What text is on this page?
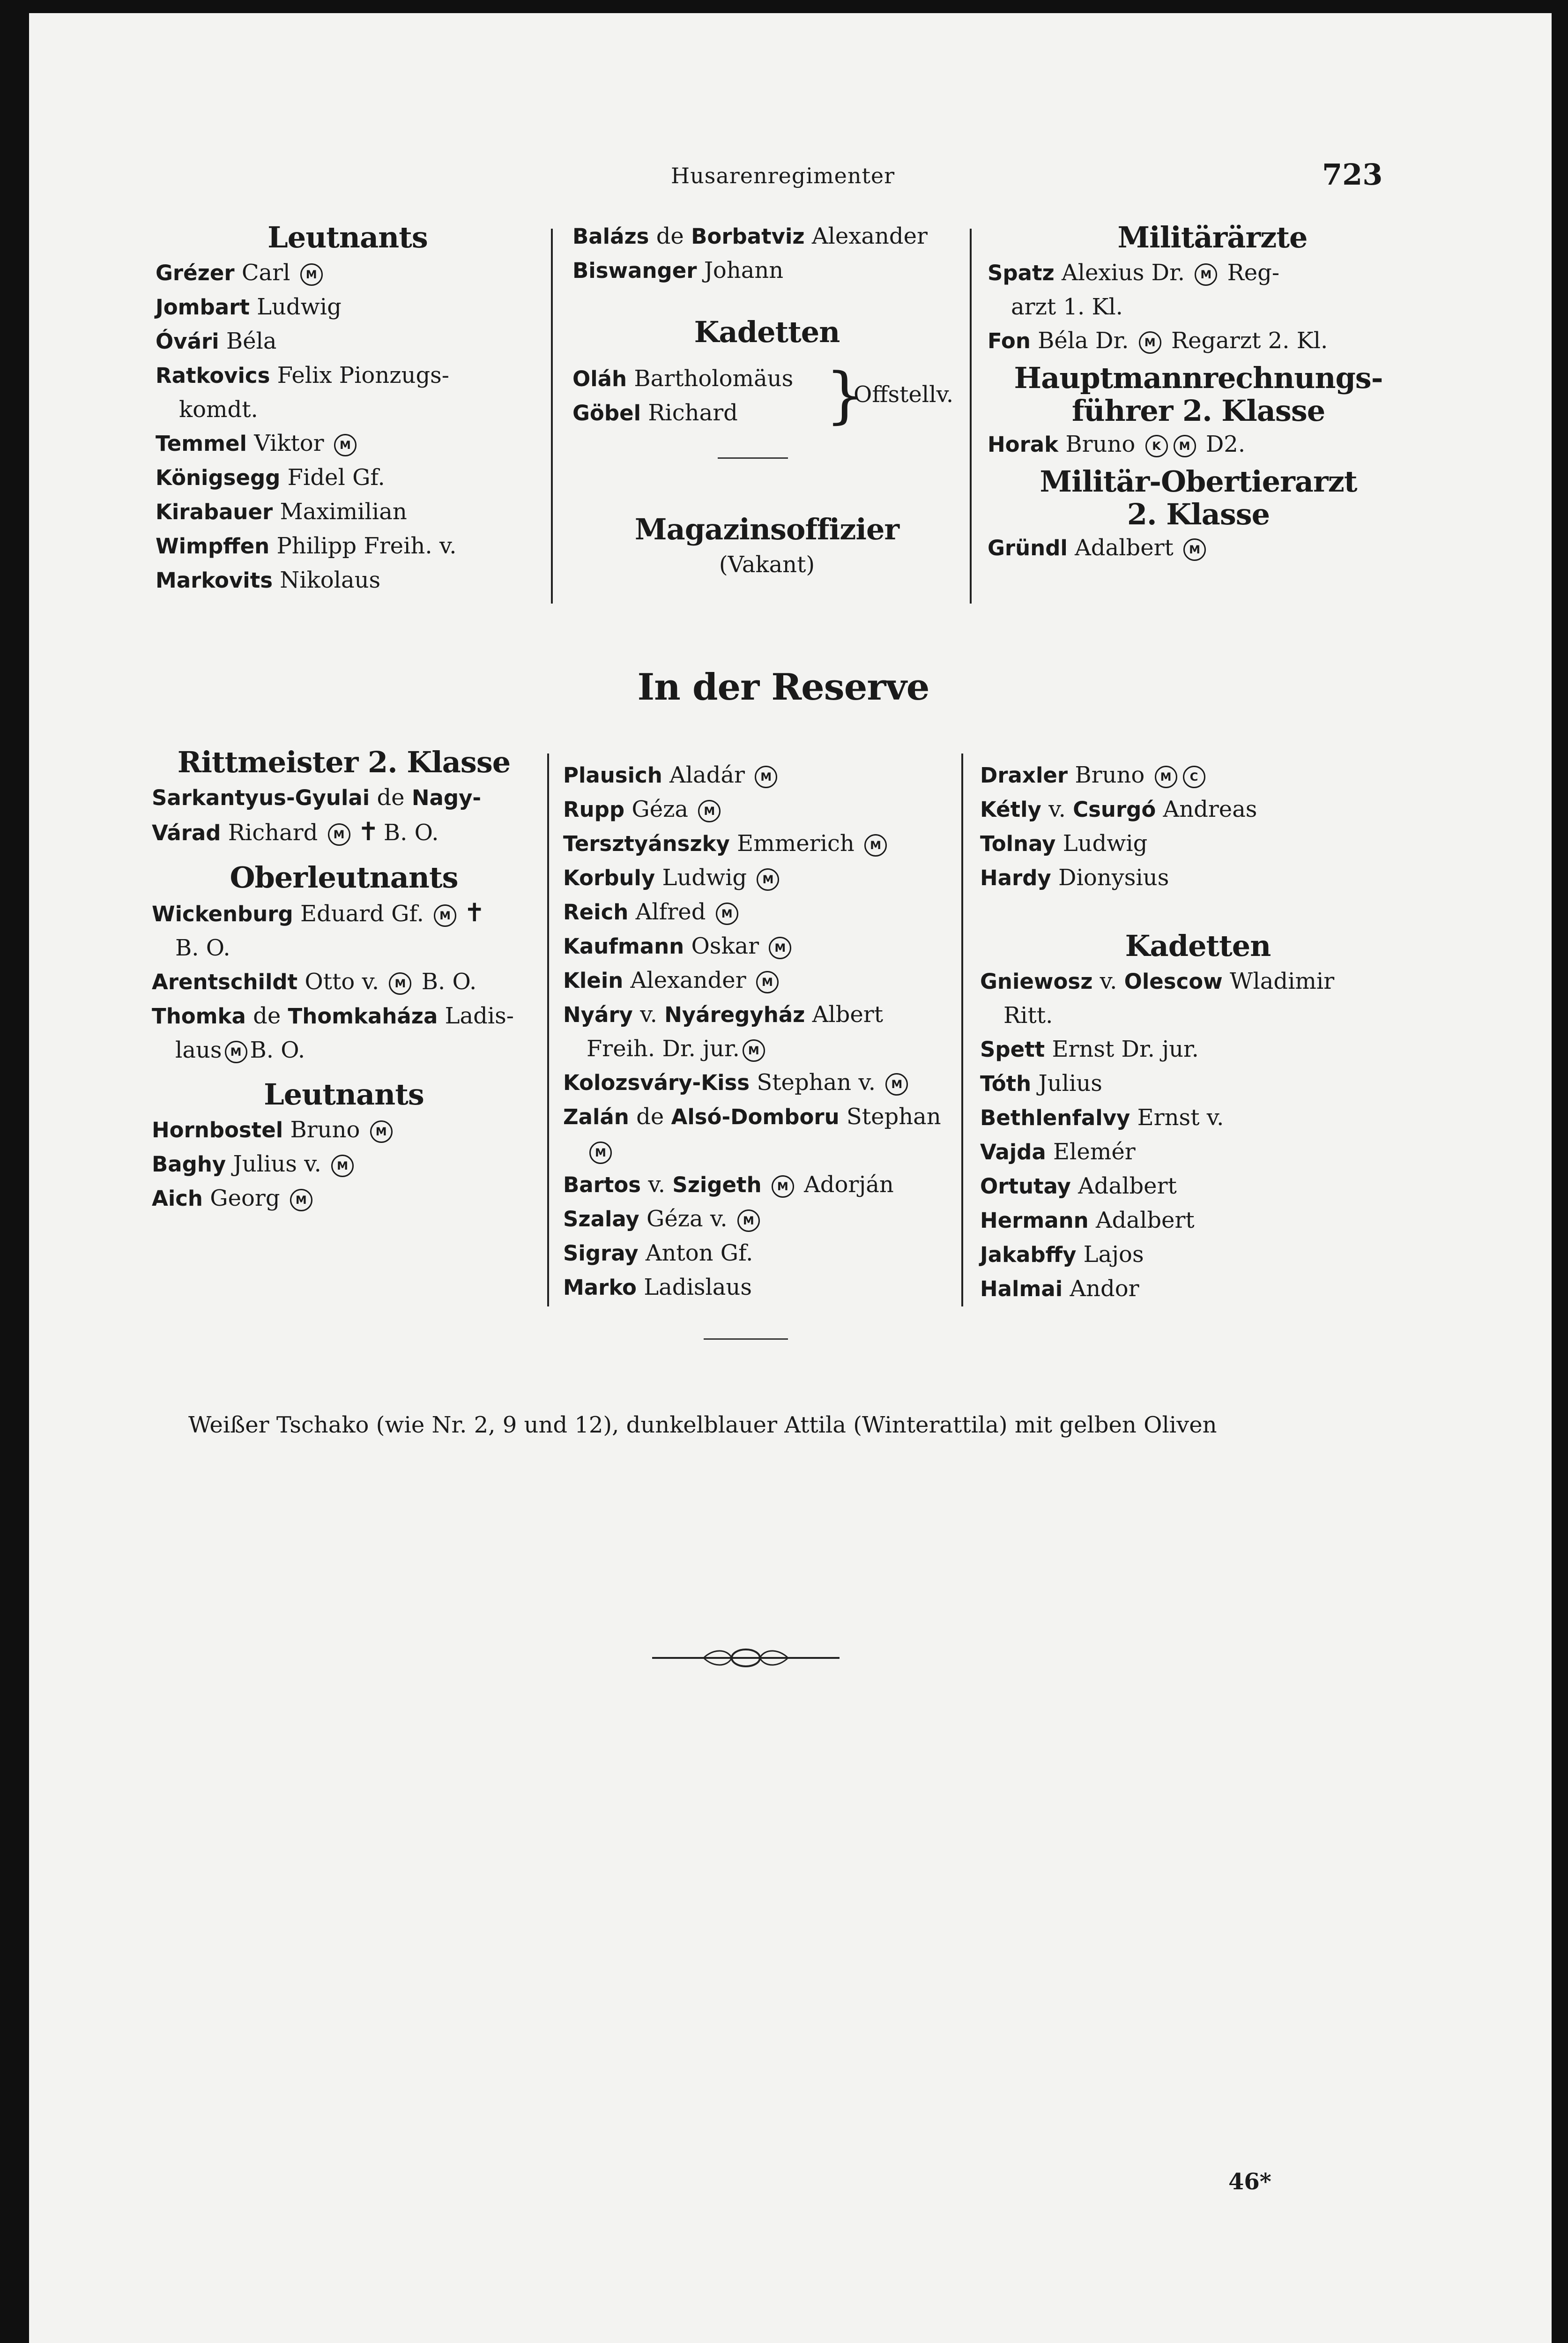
Husarenregimenter	723
Leutnants
Grézer Carl M
Jombart Ludwig
Óvári Béla
Ratkovics Felix Pionzugs-
komdt.
Temmel Viktor M
Königsegg Fidel Gf.
Kirabauer Maximilian
Wimpffen Philipp Freih. v.
Markovits Nikolaus
Balázs de Borbatviz Alexander
Biswanger Johann
Kadetten
Oláh Bartholomäus
Göbel Richard	}
Offstellv.
Magazinsoffizier
(Vakant)
Militärärzte
Spatz Alexius Dr. M Reg-
arzt 1. Kl.
Fon Béla Dr. M Regarzt 2. Kl.
Hauptmannrechnungs-
führer 2. Klasse
Horak Bruno K M D2.
Militär-Obertierarzt
2. Klasse
Gründl Adalbert M
In der Reserve
Rittmeister 2. Klasse
Sarkantyus-Gyulai de Nagy-
Várad Richard M ✝ B. O.
Oberleutnants
Wickenburg Eduard Gf. M ✝
B. O.
Arentschildt Otto v. M B. O.
Thomka de Thomkaháza Ladis-
laus M B. O.
Leutnants
Hornbostel Bruno M
Baghy Julius v. M
Aich Georg M
Plausich Aladár M
Rupp Géza M
Tersztyánszky Emmerich M
Korbuly Ludwig M
Reich Alfred M
Kaufmann Oskar M
Klein Alexander M
Nyáry v. Nyáregyház Albert
Freih. Dr. jur. M
Kolozsváry-Kiss Stephan v. M
Zalán de Alsó-Domboru Stephan
M
Bartos v. Szigeth M Adorján
Szalay Géza v. M
Sigray Anton Gf.
Marko Ladislaus
Draxler Bruno M C
Kétly v. Csurgó Andreas
Tolnay Ludwig
Hardy Dionysius
Kadetten
Gniewosz v. Olescow Wladimir
Ritt.
Spett Ernst Dr. jur.
Tóth Julius
Bethlenfalvy Ernst v.
Vajda Elemér
Ortutay Adalbert
Hermann Adalbert
Jakabffy Lajos
Halmai Andor
Weißer Tschako (wie Nr. 2, 9 und 12), dunkelblauer Attila (Winterattila) mit gelben Oliven
46*
